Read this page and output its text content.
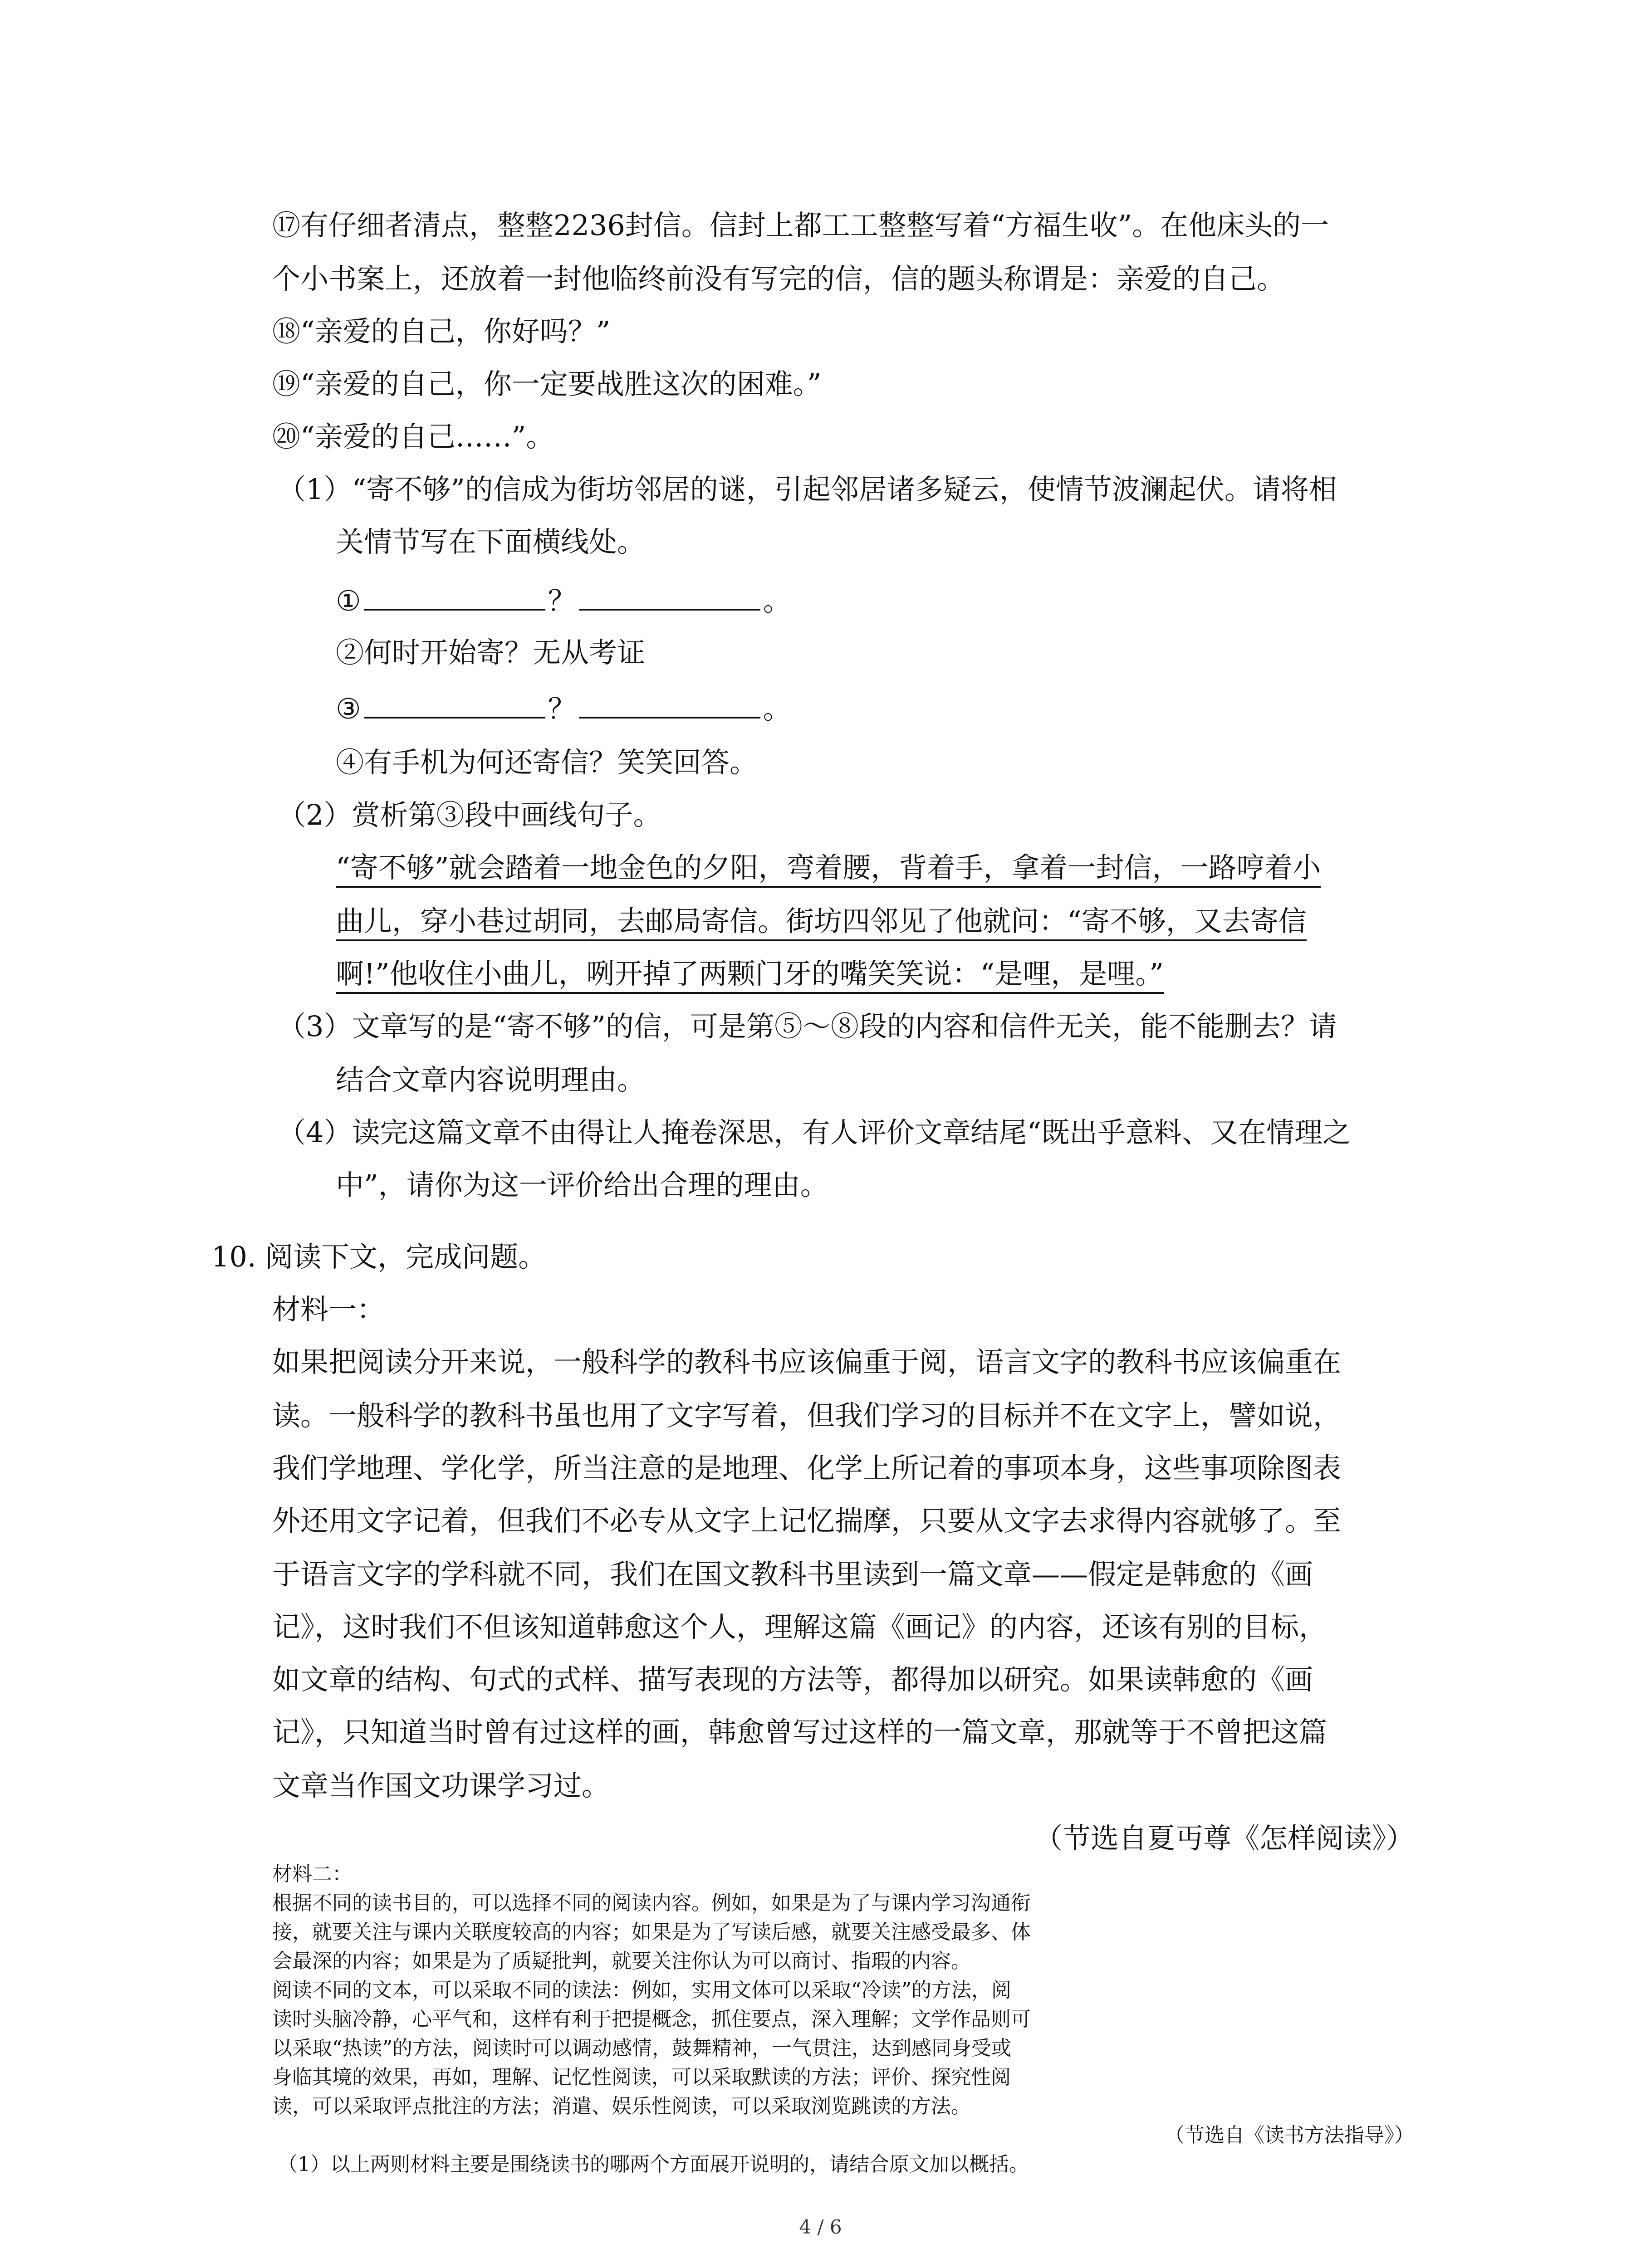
⑰有仔细者清点，整整2236封信。信封上都工工整整写着“方福生收”。在他床头的一
个小书案上，还放着一封他临终前没有写完的信，信的题头称谓是：亲爱的自己。
⑱“亲爱的自己，你好吗？”
⑲“亲爱的自己，你一定要战胜这次的困难。”
⑳“亲爱的自己……”。
（1）“寄不够”的信成为街坊邻居的谜，引起邻居诸多疑云，使情节波澜起伏。请将相
关情节写在下面横线处。
①	？	。
②何时开始寄？无从考证
③	？	。
④有手机为何还寄信？笑笑回答。
（2）赏析第③段中画线句子。
“寄不够”就会踏着一地金色的夕阳，弯着腰，背着手，拿着一封信，一路哼着小
曲儿，穿小巷过胡同，去邮局寄信。街坊四邻见了他就问：“寄不够，又去寄信
啊!”他收住小曲儿，咧开掉了两颗门牙的嘴笑笑说：“是哩，是哩。”
（3）文章写的是“寄不够”的信，可是第⑤～⑧段的内容和信件无关，能不能删去？请
结合文章内容说明理由。
（4）读完这篇文章不由得让人掩卷深思，有人评价文章结尾“既出乎意料、又在情理之
中”，请你为这一评价给出合理的理由。
10. 阅读下文，完成问题。
材料一：
如果把阅读分开来说，一般科学的教科书应该偏重于阅，语言文字的教科书应该偏重在
读。一般科学的教科书虽也用了文字写着，但我们学习的目标并不在文字上，譬如说，
我们学地理、学化学，所当注意的是地理、化学上所记着的事项本身，这些事项除图表
外还用文字记着，但我们不必专从文字上记忆揣摩，只要从文字去求得内容就够了。至
于语言文字的学科就不同，我们在国文教科书里读到一篇文章——假定是韩愈的《画
记》，这时我们不但该知道韩愈这个人，理解这篇《画记》的内容，还该有别的目标，
如文章的结构、句式的式样、描写表现的方法等，都得加以研究。如果读韩愈的《画
记》，只知道当时曾有过这样的画，韩愈曾写过这样的一篇文章，那就等于不曾把这篇
文章当作国文功课学习过。
（节选自夏丏尊《怎样阅读》）
4 / 6
材料二：
根据不同的读书目的，可以选择不同的阅读内容。例如，如果是为了与课内学习沟通衔
接，就要关注与课内关联度较高的内容；如果是为了写读后感，就要关注感受最多、体
会最深的内容；如果是为了质疑批判，就要关注你认为可以商讨、指瑕的内容。
阅读不同的文本，可以采取不同的读法：例如，实用文体可以采取“冷读”的方法，阅
读时头脑冷静，心平气和，这样有利于把提概念，抓住要点，深入理解；文学作品则可
以采取“热读”的方法，阅读时可以调动感情，鼓舞精神，一气贯注，达到感同身受或
身临其境的效果，再如，理解、记忆性阅读，可以采取默读的方法；评价、探究性阅
读，可以采取评点批注的方法；消遣、娱乐性阅读，可以采取浏览跳读的方法。
（节选自《读书方法指导》）
（1）以上两则材料主要是围绕读书的哪两个方面展开说明的，请结合原文加以概括。
